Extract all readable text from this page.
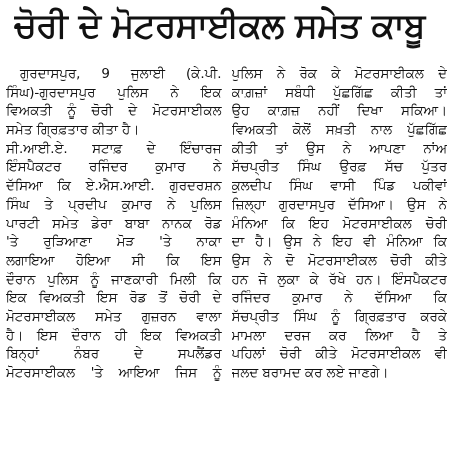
ਚੋਰੀ ਦੇ ਮੋਟਰਸਾਈਕਲ ਸਮੇਤ ਕਾਬੂ
ਗੁਰਦਾਸਪੁਰ, 9 ਜੁਲਾਈ (ਕੇ.ਪੀ.
ਸਿੰਘ)-ਗੁਰਦਾਸਪੁਰ ਪੁਲਿਸ ਨੇ ਇਕ
ਵਿਅਕਤੀ ਨੂੰ ਚੋਰੀ ਦੇ ਮੋਟਰਸਾਈਕਲ
ਸਮੇਤ ਗ੍ਰਿਫ਼ਤਾਰ ਕੀਤਾ ਹੈ।
ਸੀ.ਆਈ.ਏ. ਸਟਾਫ਼ ਦੇ ਇੰਚਾਰਜ
ਇੰਸਪੈਕਟਰ ਰਜਿੰਦਰ ਕੁਮਾਰ ਨੇ
ਦੱਸਿਆ ਕਿ ਏ.ਐਸ.ਆਈ. ਗੁਰਦਰਸ਼ਨ
ਸਿੰਘ ਤੇ ਪ੍ਰਦੀਪ ਕੁਮਾਰ ਨੇ ਪੁਲਿਸ
ਪਾਰਟੀ ਸਮੇਤ ਡੇਰਾ ਬਾਬਾ ਨਾਨਕ ਰੋਡ
'ਤੇ ਰੁੜਿਆਣਾ ਮੋੜ 'ਤੇ ਨਾਕਾ
ਲਗਾਇਆ ਹੋਇਆ ਸੀ ਕਿ ਇਸ
ਦੌਰਾਨ ਪੁਲਿਸ ਨੂੰ ਜਾਣਕਾਰੀ ਮਿਲੀ ਕਿ
ਇਕ ਵਿਅਕਤੀ ਇਸ ਰੋਡ ਤੋਂ ਚੋਰੀ ਦੇ
ਮੋਟਰਸਾਈਕਲ ਸਮੇਤ ਗੁਜ਼ਰਨ ਵਾਲਾ
ਹੈ। ਇਸ ਦੌਰਾਨ ਹੀ ਇਕ ਵਿਅਕਤੀ
ਬਿਨ੍ਹਾਂ ਨੰਬਰ ਦੇ ਸਪਲੈਂਡਰ
ਮੋਟਰਸਾਈਕਲ 'ਤੇ ਆਇਆ ਜਿਸ ਨੂੰ
ਪੁਲਿਸ ਨੇ ਰੋਕ ਕੇ ਮੋਟਰਸਾਈਕਲ ਦੇ
ਕਾਗ਼ਜ਼ਾਂ ਸਬੰਧੀ ਪੁੱਛਗਿੱਛ ਕੀਤੀ ਤਾਂ
ਉਹ ਕਾਗ਼ਜ਼ ਨਹੀਂ ਦਿਖਾ ਸਕਿਆ।
ਵਿਅਕਤੀ ਕੋਲੋਂ ਸਖ਼ਤੀ ਨਾਲ ਪੁੱਛਗਿੱਛ
ਕੀਤੀ ਤਾਂ ਉਸ ਨੇ ਆਪਣਾ ਨਾਂਅ
ਸੱਚਪ੍ਰੀਤ ਸਿੰਘ ਉਰਫ਼ ਸੱਚ ਪੁੱਤਰ
ਕੁਲਦੀਪ ਸਿੰਘ ਵਾਸੀ ਪਿੰਡ ਪਕੀਵਾਂ
ਜ਼ਿਲ੍ਹਾ ਗੁਰਦਾਸਪੁਰ ਦੱਸਿਆ। ਉਸ ਨੇ
ਮੰਨਿਆ ਕਿ ਇਹ ਮੋਟਰਸਾਈਕਲ ਚੋਰੀ
ਦਾ ਹੈ। ਉਸ ਨੇ ਇਹ ਵੀ ਮੰਨਿਆ ਕਿ
ਉਸ ਨੇ ਦੋ ਮੋਟਰਸਾਈਕਲ ਚੋਰੀ ਕੀਤੇ
ਹਨ ਜੋ ਲੁਕਾ ਕੇ ਰੱਖੇ ਹਨ। ਇੰਸਪੈਕਟਰ
ਰਜਿੰਦਰ ਕੁਮਾਰ ਨੇ ਦੱਸਿਆ ਕਿ
ਸੱਚਪ੍ਰੀਤ ਸਿੰਘ ਨੂੰ ਗ੍ਰਿਫ਼ਤਾਰ ਕਰਕੇ
ਮਾਮਲਾ ਦਰਜ ਕਰ ਲਿਆ ਹੈ ਤੇ
ਪਹਿਲਾਂ ਚੋਰੀ ਕੀਤੇ ਮੋਟਰਸਾਈਕਲ ਵੀ
ਜਲਦ ਬਰਾਮਦ ਕਰ ਲਏ ਜਾਣਗੇ।
